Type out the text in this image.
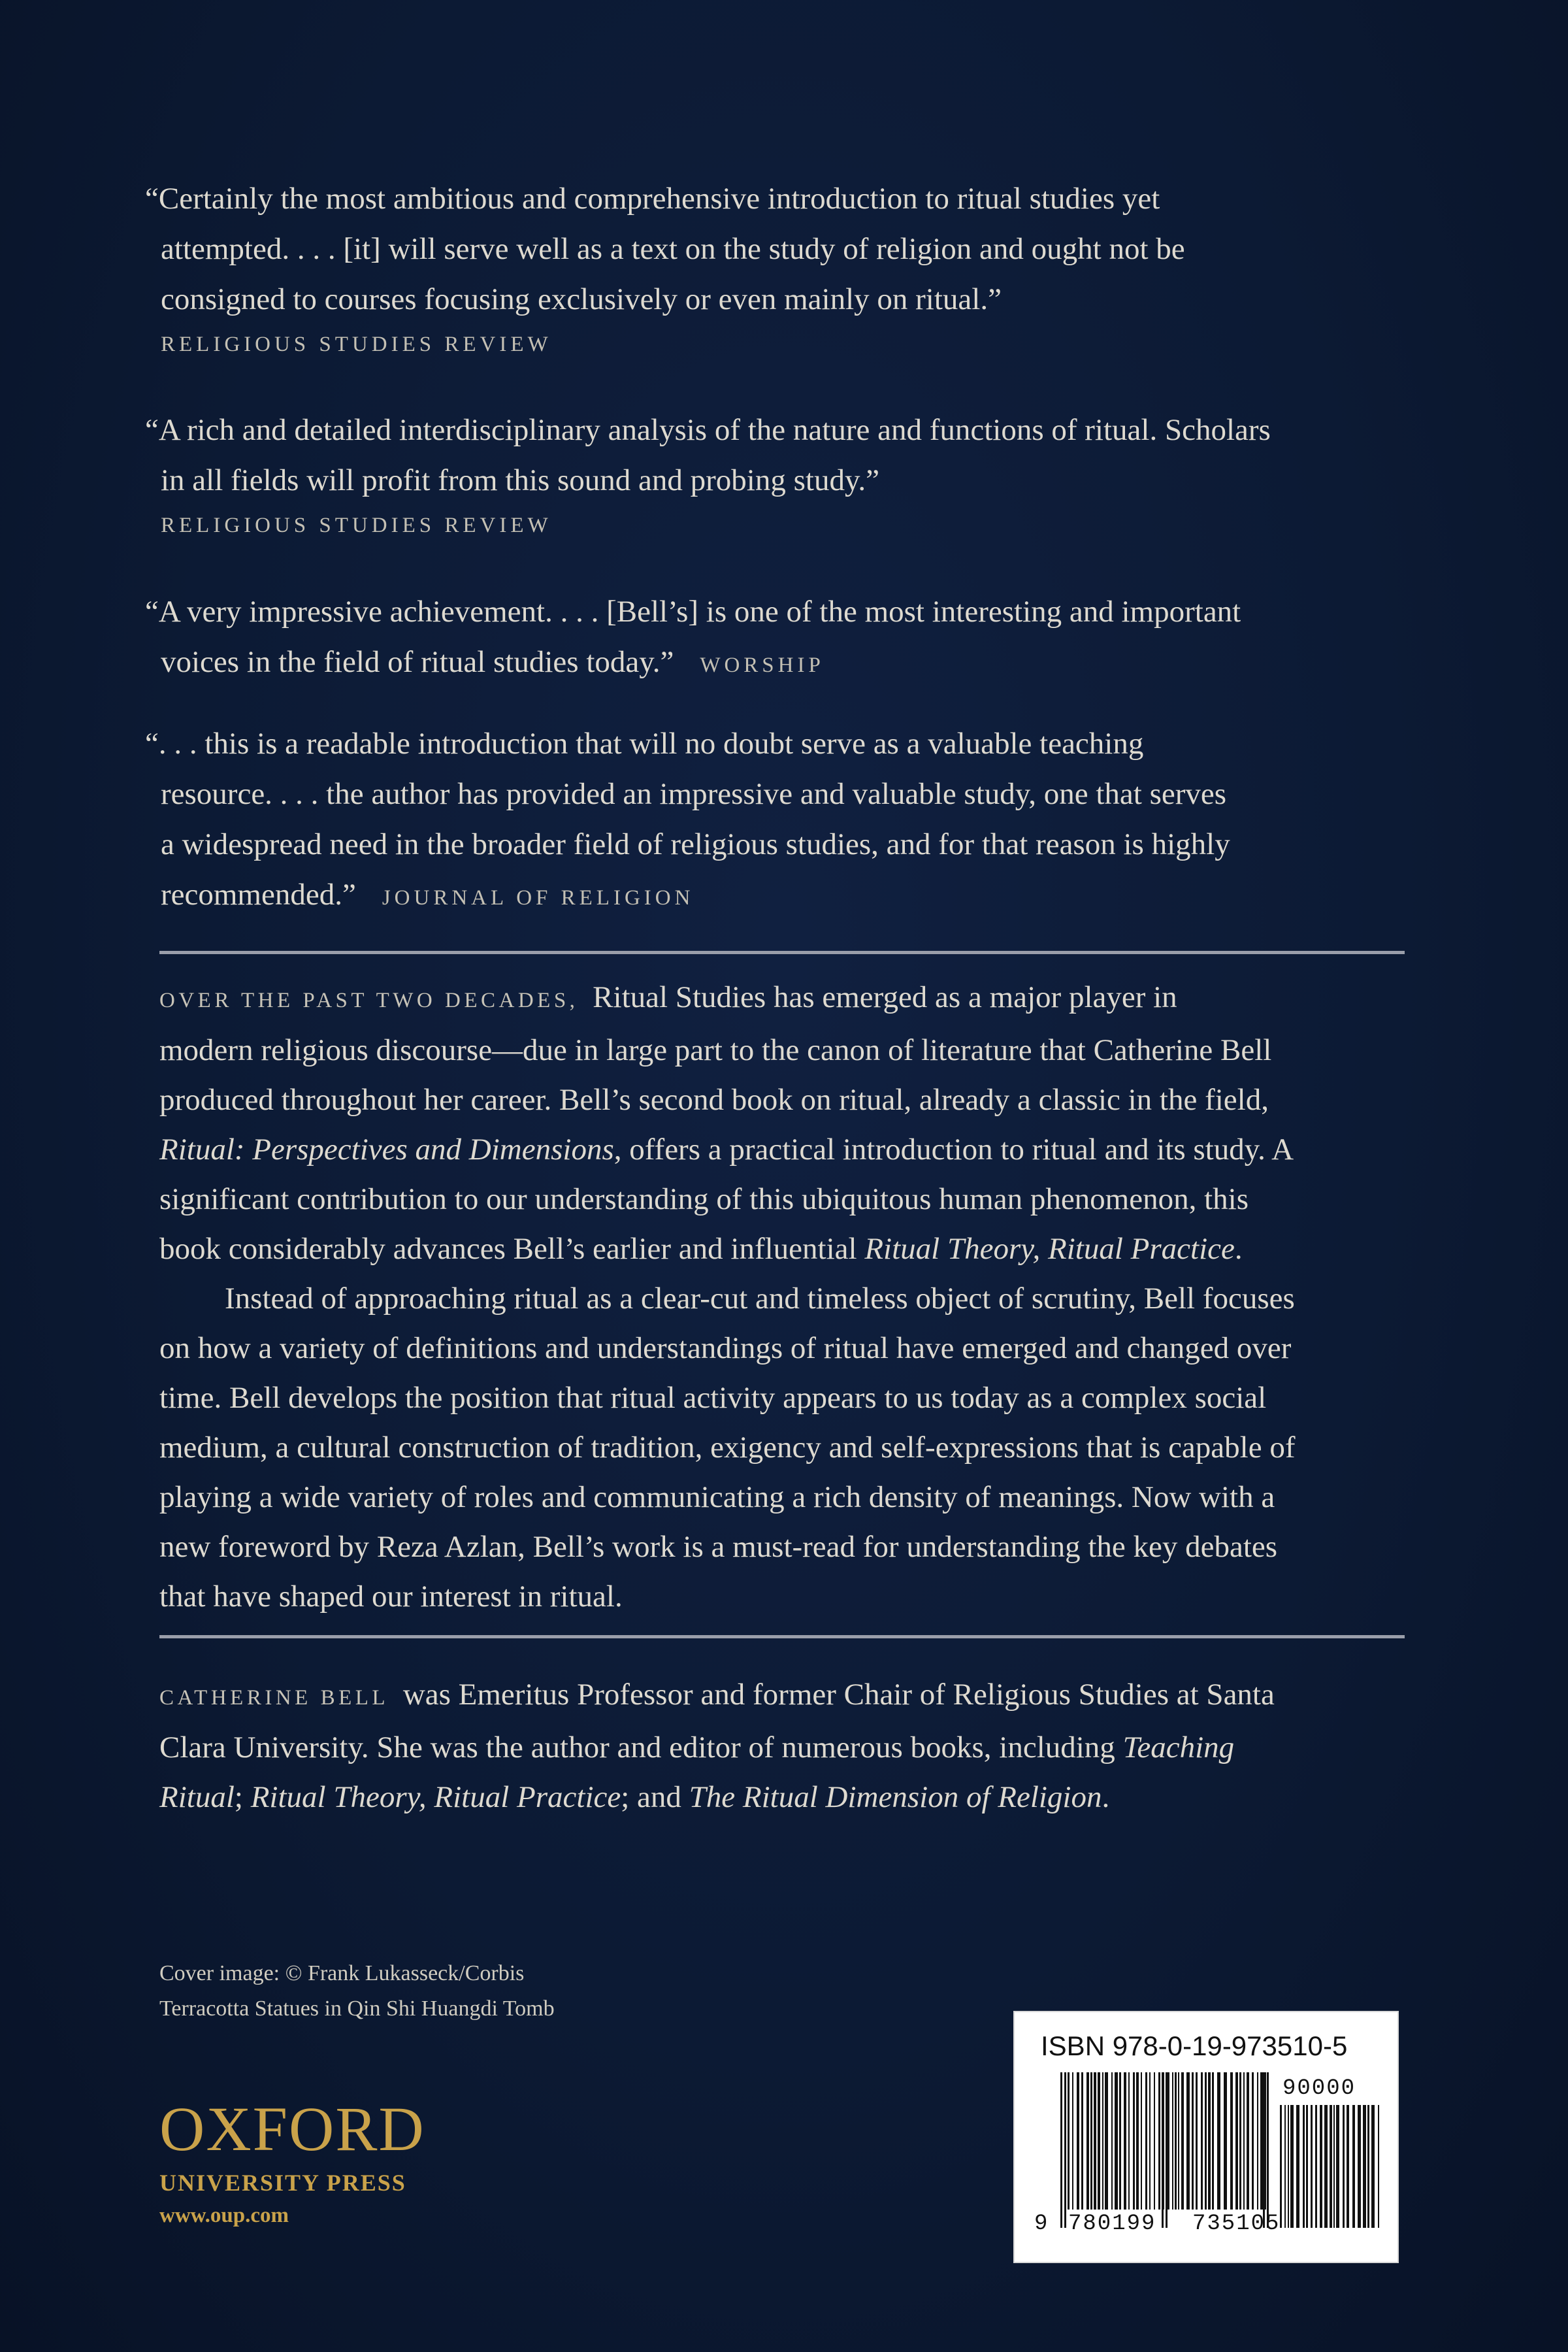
“Certainly the most ambitious and comprehensive introduction to ritual studies yet
attempted. . . . [it] will serve well as a text on the study of religion and ought not be
consigned to courses focusing exclusively or even mainly on ritual.”
RELIGIOUS STUDIES REVIEW
“A rich and detailed interdisciplinary analysis of the nature and functions of ritual. Scholars
in all fields will profit from this sound and probing study.”
RELIGIOUS STUDIES REVIEW
“A very impressive achievement. . . . [Bell’s] is one of the most interesting and important
voices in the field of ritual studies today.” WORSHIP
“. . . this is a readable introduction that will no doubt serve as a valuable teaching
resource. . . . the author has provided an impressive and valuable study, one that serves
a widespread need in the broader field of religious studies, and for that reason is highly
recommended.” JOURNAL OF RELIGION
OVER THE PAST TWO DECADES, Ritual Studies has emerged as a major player in
modern religious discourse—due in large part to the canon of literature that Catherine Bell
produced throughout her career. Bell’s second book on ritual, already a classic in the field,
Ritual: Perspectives and Dimensions, offers a practical introduction to ritual and its study. A
significant contribution to our understanding of this ubiquitous human phenomenon, this
book considerably advances Bell’s earlier and influential Ritual Theory, Ritual Practice.
Instead of approaching ritual as a clear-cut and timeless object of scrutiny, Bell focuses
on how a variety of definitions and understandings of ritual have emerged and changed over
time. Bell develops the position that ritual activity appears to us today as a complex social
medium, a cultural construction of tradition, exigency and self-expressions that is capable of
playing a wide variety of roles and communicating a rich density of meanings. Now with a
new foreword by Reza Azlan, Bell’s work is a must-read for understanding the key debates
that have shaped our interest in ritual.
CATHERINE BELL was Emeritus Professor and former Chair of Religious Studies at Santa
Clara University. She was the author and editor of numerous books, including Teaching
Ritual; Ritual Theory, Ritual Practice; and The Ritual Dimension of Religion.
Cover image: © Frank Lukasseck/Corbis
Terracotta Statues in Qin Shi Huangdi Tomb
OXFORD
UNIVERSITY PRESS
www.oup.com
ISBN 978-0-19-973510-5
90000
9 780199 735105
